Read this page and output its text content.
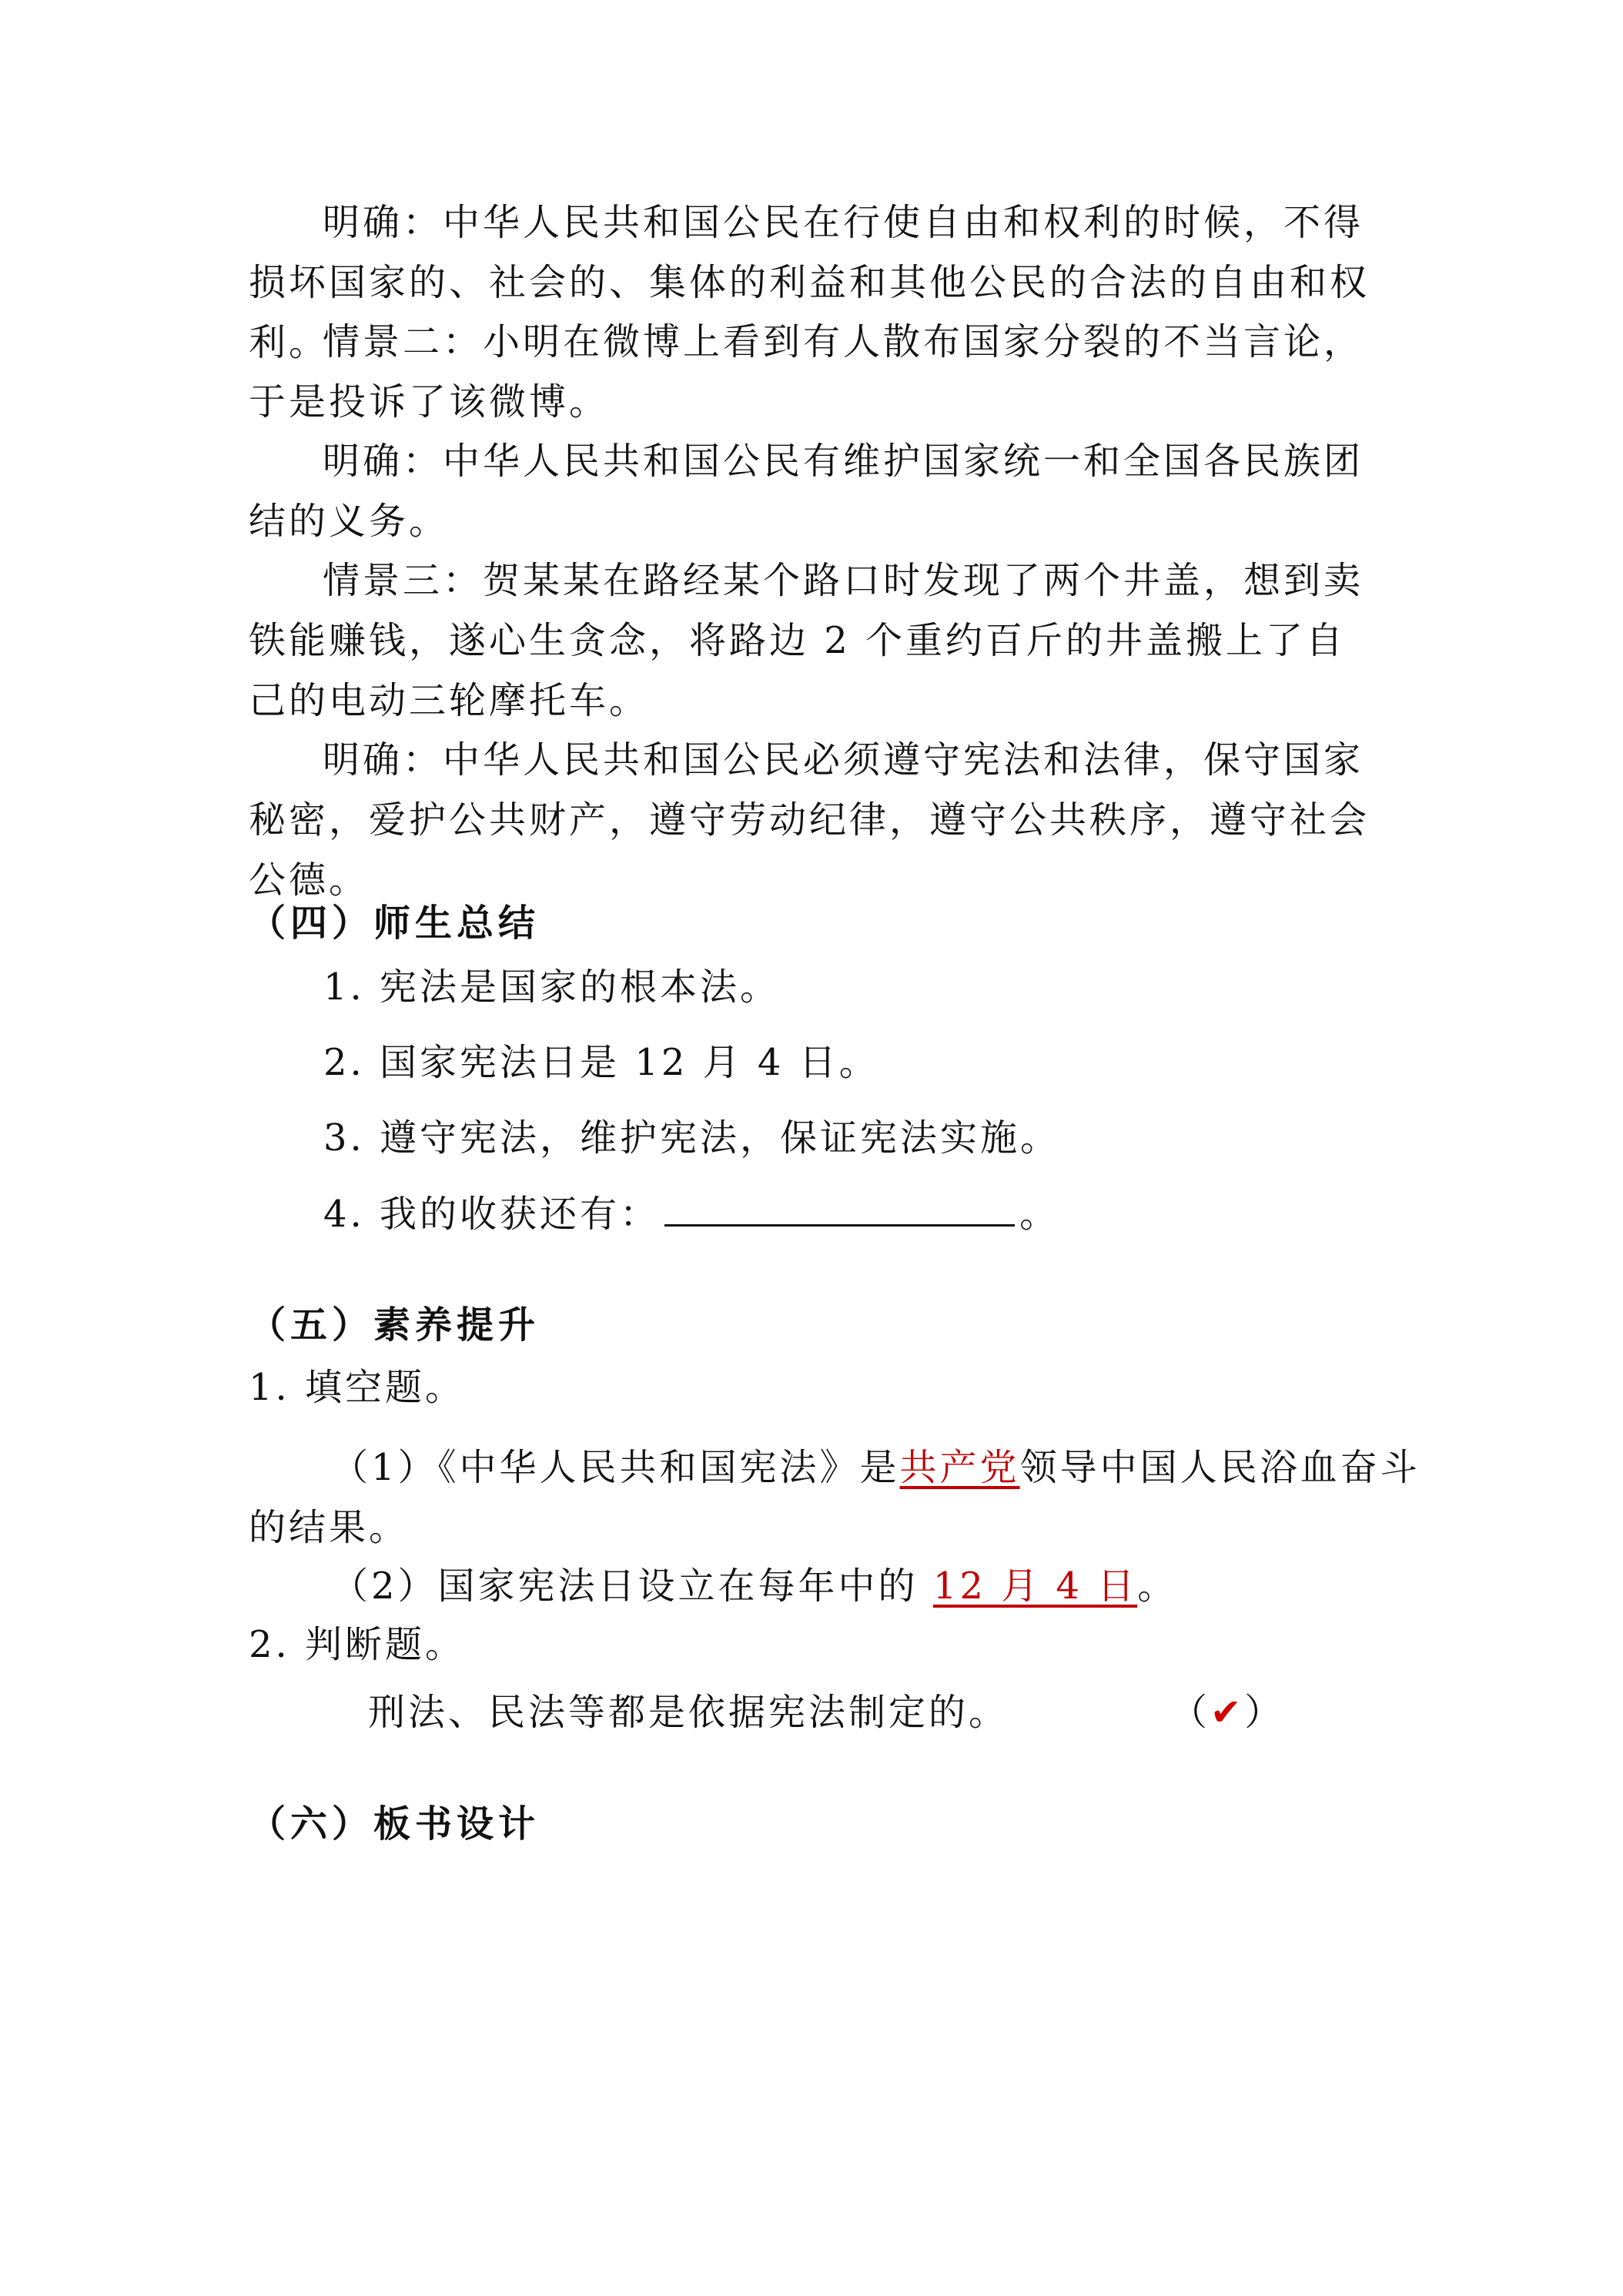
明确：中华人民共和国公民在行使自由和权利的时候，不得损坏国家的、社会的、集体的利益和其他公民的合法的自由和权利。

情景二：小明在微博上看到有人散布国家分裂的不当言论，于是投诉了该微博。

明确：中华人民共和国公民有维护国家统一和全国各民族团结的义务。

情景三：贺某某在路经某个路口时发现了两个井盖，想到卖铁能赚钱，遂心生贪念，将路边 2 个重约百斤的井盖搬上了自己的电动三轮摩托车。

明确：中华人民共和国公民必须遵守宪法和法律，保守国家秘密，爱护公共财产，遵守劳动纪律，遵守公共秩序，遵守社会公德。

（四）师生总结

1. 宪法是国家的根本法。

2. 国家宪法日是 12 月 4 日。

3. 遵守宪法，维护宪法，保证宪法实施。

4. 我的收获还有：	。

（五）素养提升

1. 填空题。

（1）《中华人民共和国宪法》是共产党领导中国人民浴血奋斗

的结果。

（2）国家宪法日设立在每年中的 12 月 4 日。

2. 判断题。

刑法、民法等都是依据宪法制定的。	（✔）

（六）板书设计
